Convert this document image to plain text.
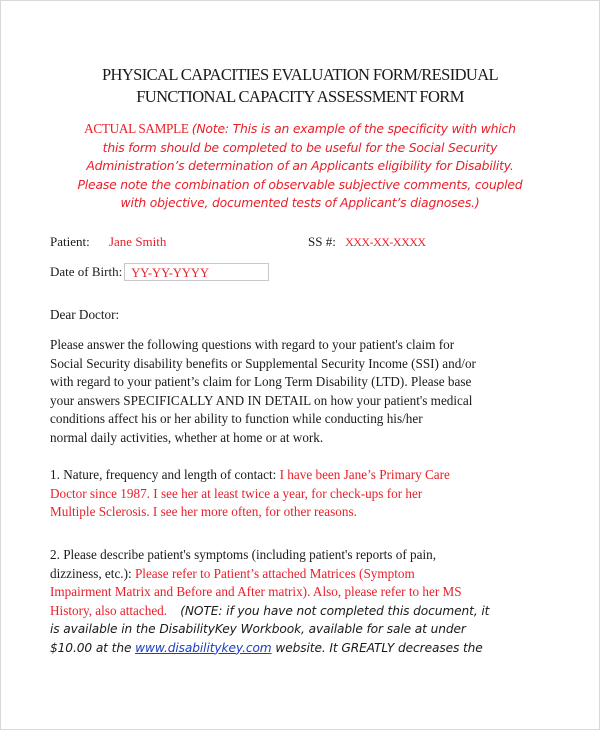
PHYSICAL CAPACITIES EVALUATION FORM/RESIDUAL
FUNCTIONAL CAPACITY ASSESSMENT FORM
ACTUAL SAMPLE (Note: This is an example of the specificity with which
this form should be completed to be useful for the Social Security
Administration’s determination of an Applicants eligibility for Disability.
Please note the combination of observable subjective comments, coupled
with objective, documented tests of Applicant’s diagnoses.)
Patient: Jane Smith	SS #: XXX-XX-XXXX
Date of Birth: YY-YY-YYYY
Dear Doctor:
Please answer the following questions with regard to your patient's claim for
Social Security disability benefits or Supplemental Security Income (SSI) and/or
with regard to your patient’s claim for Long Term Disability (LTD). Please base
your answers SPECIFICALLY AND IN DETAIL on how your patient's medical
conditions affect his or her ability to function while conducting his/her
normal daily activities, whether at home or at work.
1. Nature, frequency and length of contact: I have been Jane’s Primary Care
Doctor since 1987. I see her at least twice a year, for check-ups for her
Multiple Sclerosis. I see her more often, for other reasons.
2. Please describe patient's symptoms (including patient's reports of pain,
dizziness, etc.): Please refer to Patient’s attached Matrices (Symptom
Impairment Matrix and Before and After matrix). Also, please refer to her MS
History, also attached. (NOTE: if you have not completed this document, it
is available in the DisabilityKey Workbook, available for sale at under
$10.00 at the www.disabilitykey.com website. It GREATLY decreases the
